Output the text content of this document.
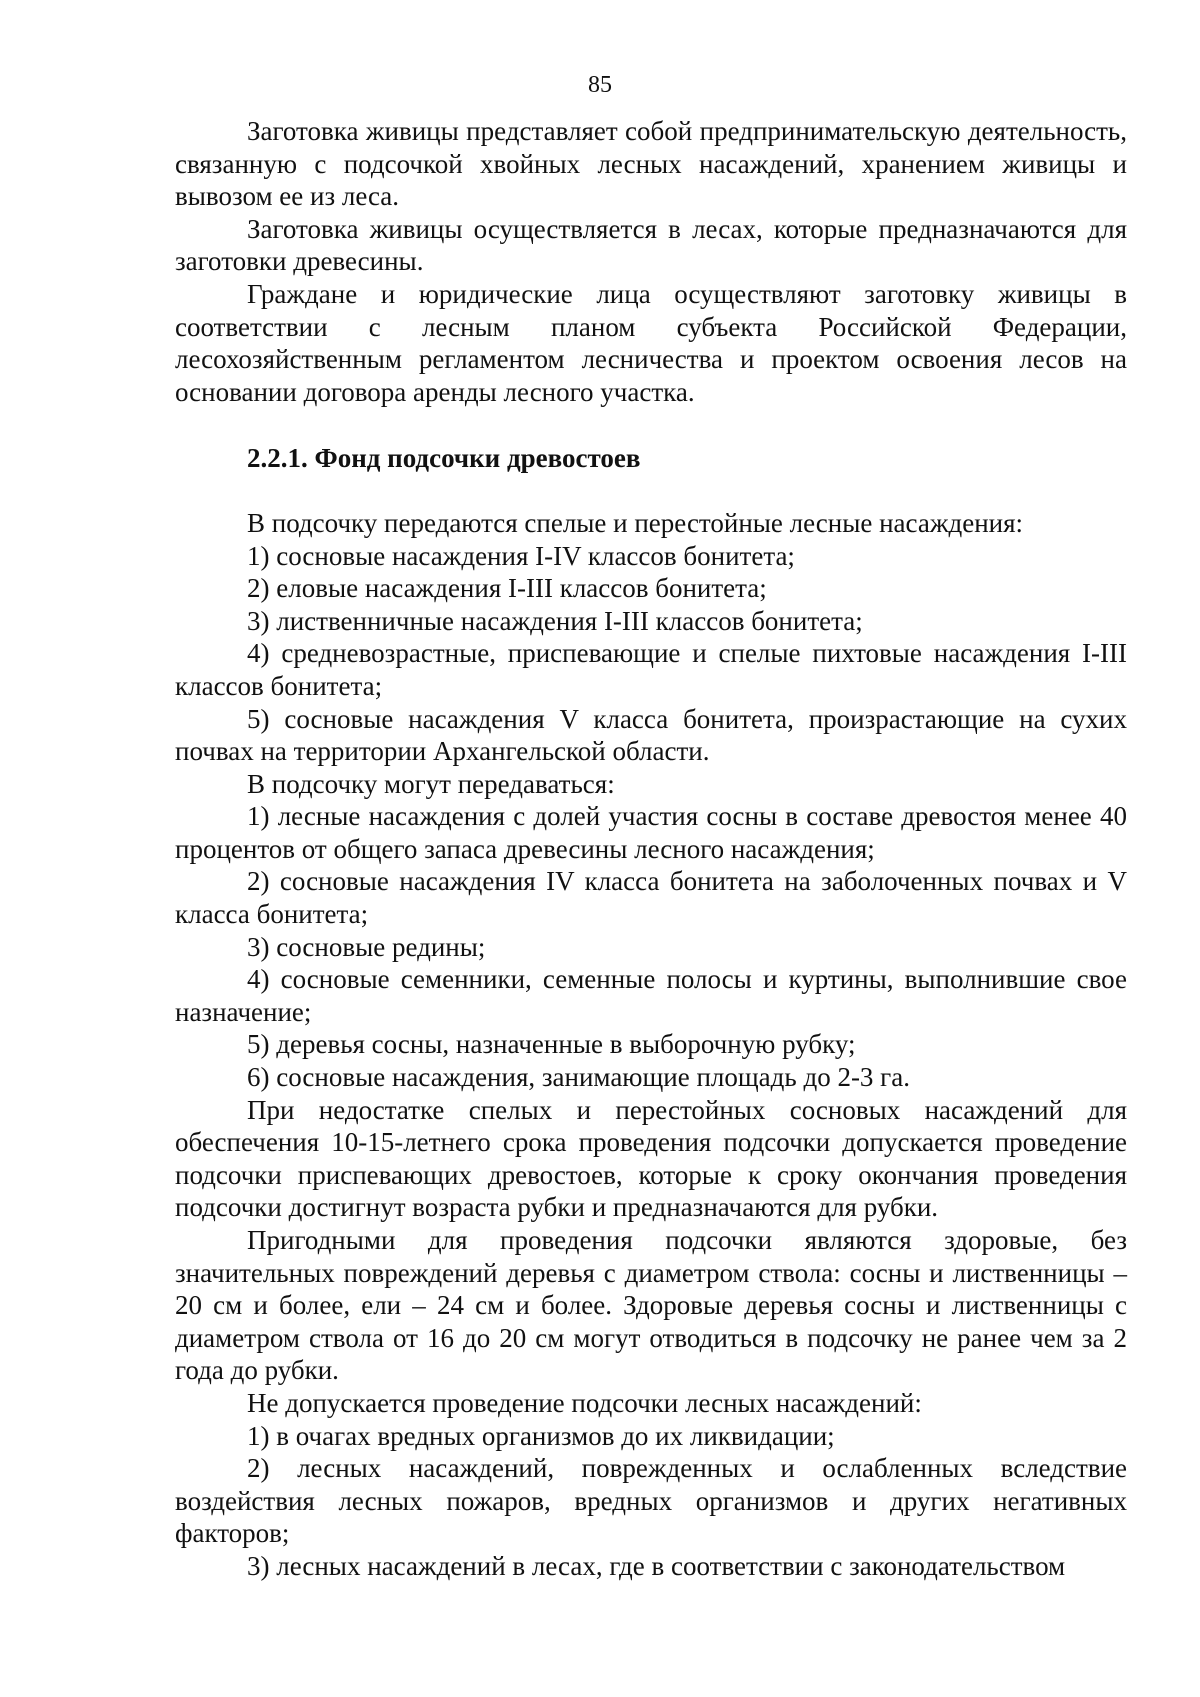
85

Заготовка живицы представляет собой предпринимательскую деятельность, связанную с подсочкой хвойных лесных насаждений, хранением живицы и вывозом ее из леса.

Заготовка живицы осуществляется в лесах, которые предназначаются для заготовки древесины.

Граждане и юридические лица осуществляют заготовку живицы в соответствии с лесным планом субъекта Российской Федерации, лесохозяйственным регламентом лесничества и проектом освоения лесов на основании договора аренды лесного участка.

2.2.1. Фонд подсочки древостоев

В подсочку передаются спелые и перестойные лесные насаждения:

1) сосновые насаждения I-IV классов бонитета;

2) еловые насаждения I-III классов бонитета;

3) лиственничные насаждения I-III классов бонитета;

4) средневозрастные, приспевающие и спелые пихтовые насаждения I-III классов бонитета;

5) сосновые насаждения V класса бонитета, произрастающие на сухих почвах на территории Архангельской области.

В подсочку могут передаваться:

1) лесные насаждения с долей участия сосны в составе древостоя менее 40 процентов от общего запаса древесины лесного насаждения;

2) сосновые насаждения IV класса бонитета на заболоченных почвах и V класса бонитета;

3) сосновые редины;

4) сосновые семенники, семенные полосы и куртины, выполнившие свое назначение;

5) деревья сосны, назначенные в выборочную рубку;

6) сосновые насаждения, занимающие площадь до 2-3 га.

При недостатке спелых и перестойных сосновых насаждений для обеспечения 10-15-летнего срока проведения подсочки допускается проведение подсочки приспевающих древостоев, которые к сроку окончания проведения подсочки достигнут возраста рубки и предназначаются для рубки.

Пригодными для проведения подсочки являются здоровые, без значительных повреждений деревья с диаметром ствола: сосны и лиственницы – 20 см и более, ели – 24 см и более. Здоровые деревья сосны и лиственницы с диаметром ствола от 16 до 20 см могут отводиться в подсочку не ранее чем за 2 года до рубки.

Не допускается проведение подсочки лесных насаждений:

1) в очагах вредных организмов до их ликвидации;

2) лесных насаждений, поврежденных и ослабленных вследствие воздействия лесных пожаров, вредных организмов и других негативных факторов;

3) лесных насаждений в лесах, где в соответствии с законодательством
